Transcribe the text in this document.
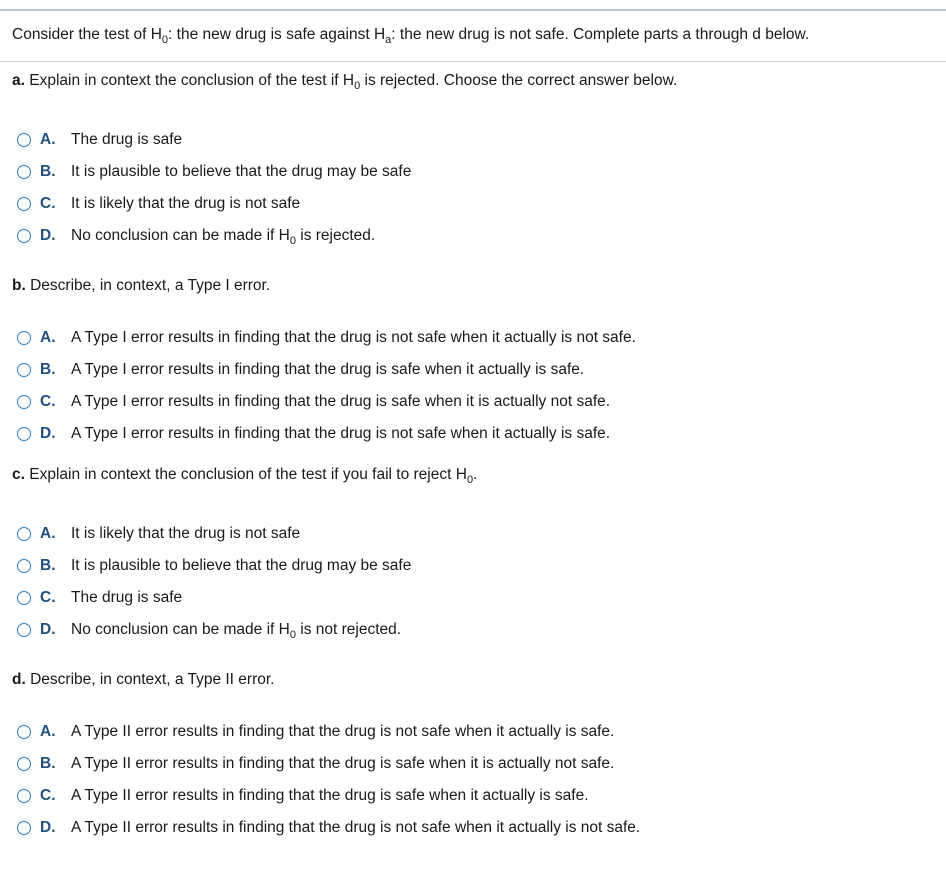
Consider the test of $H_0$: the new drug is safe against $H_a$: the new drug is not safe. Complete parts a through d below.
a. Explain in context the conclusion of the test if $H_0$ is rejected. Choose the correct answer below.
A.	The drug is safe
B.	It is plausible to believe that the drug may be safe
C.	It is likely that the drug is not safe
D.	No conclusion can be made if $H_0$ is rejected.
b. Describe, in context, a Type I error.
A.	A Type I error results in finding that the drug is not safe when it actually is not safe.
B.	A Type I error results in finding that the drug is safe when it actually is safe.
C.	A Type I error results in finding that the drug is safe when it is actually not safe.
D.	A Type I error results in finding that the drug is not safe when it actually is safe.
c. Explain in context the conclusion of the test if you fail to reject $H_0$.
A.	It is likely that the drug is not safe
B.	It is plausible to believe that the drug may be safe
C.	The drug is safe
D.	No conclusion can be made if $H_0$ is not rejected.
d. Describe, in context, a Type II error.
A.	A Type II error results in finding that the drug is not safe when it actually is safe.
B.	A Type II error results in finding that the drug is safe when it is actually not safe.
C.	A Type II error results in finding that the drug is safe when it actually is safe.
D.	A Type II error results in finding that the drug is not safe when it actually is not safe.
